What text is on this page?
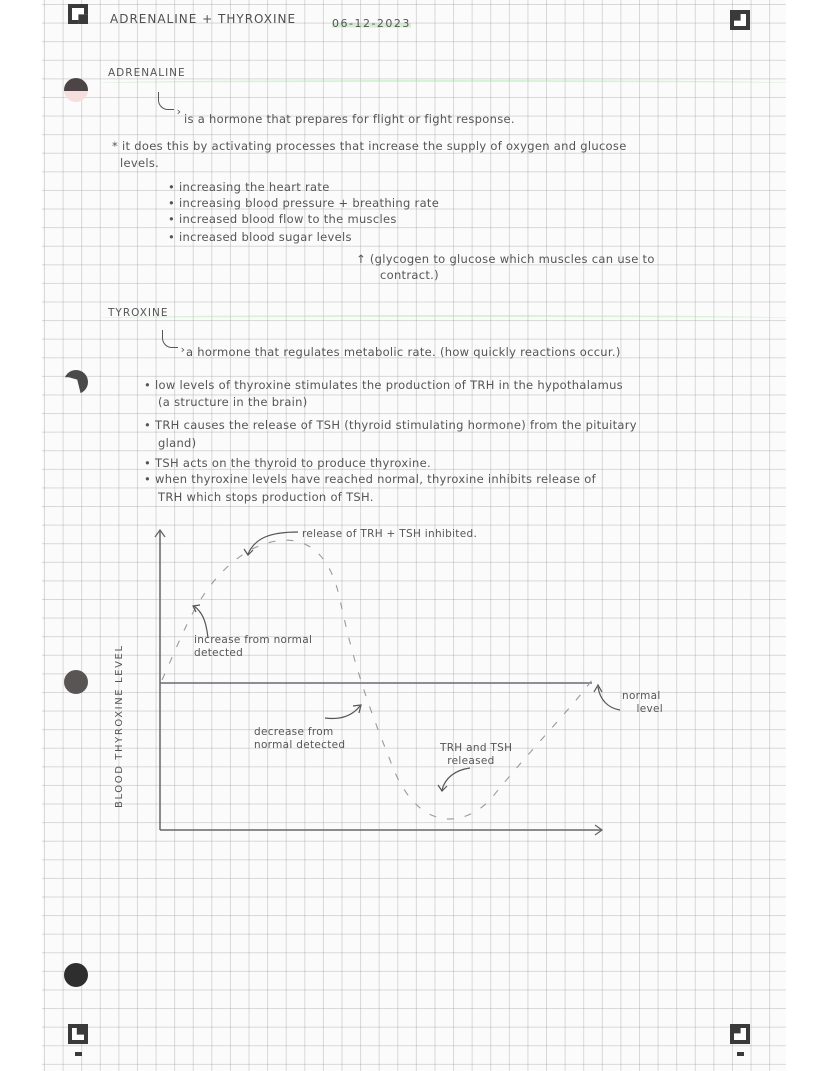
ADRENALINE + THYROXINE	06-12-2023
ADRENALINE
›
is a hormone that prepares for flight or fight response.
* it does this by activating processes that increase the supply of oxygen and glucose
levels.
• increasing the heart rate
• increasing blood pressure + breathing rate
• increased blood flow to the muscles
• increased blood sugar levels
↑ (glycogen to glucose which muscles can use to
contract.)
TYROXINE
›
a hormone that regulates metabolic rate. (how quickly reactions occur.)
• low levels of thyroxine stimulates the production of TRH in the hypothalamus
(a structure in the brain)
• TRH causes the release of TSH (thyroid stimulating hormone) from the pituitary
gland)
• TSH acts on the thyroid to produce thyroxine.
• when thyroxine levels have reached normal, thyroxine inhibits release of
TRH which stops production of TSH.
BLOOD THYROXINE LEVEL
release of TRH + TSH inhibited.
increase from normal
detected
decrease from
normal detected	TRH and TSH
released
normal
level
